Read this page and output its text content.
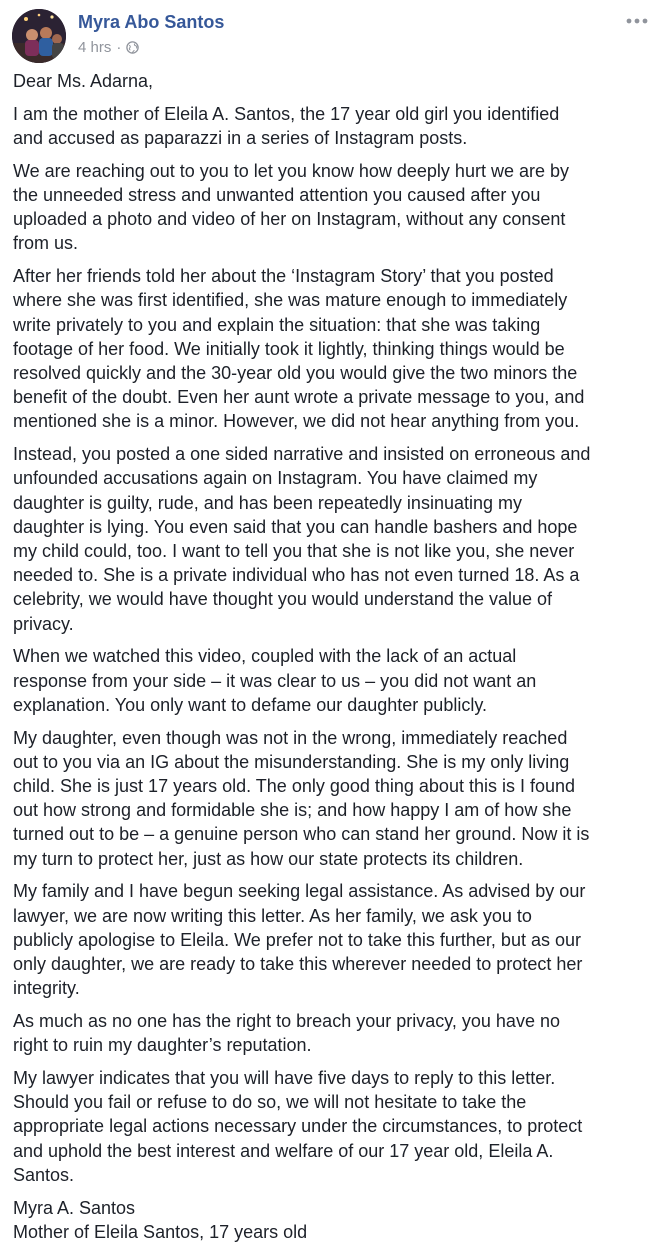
Myra Abo Santos
4 hrs ·

Dear Ms. Adarna,

I am the mother of Eleila A. Santos, the 17 year old girl you identified
and accused as paparazzi in a series of Instagram posts.

We are reaching out to you to let you know how deeply hurt we are by
the unneeded stress and unwanted attention you caused after you
uploaded a photo and video of her on Instagram, without any consent
from us.

After her friends told her about the ‘Instagram Story’ that you posted
where she was first identified, she was mature enough to immediately
write privately to you and explain the situation: that she was taking
footage of her food. We initially took it lightly, thinking things would be
resolved quickly and the 30-year old you would give the two minors the
benefit of the doubt. Even her aunt wrote a private message to you, and
mentioned she is a minor. However, we did not hear anything from you.

Instead, you posted a one sided narrative and insisted on erroneous and
unfounded accusations again on Instagram. You have claimed my
daughter is guilty, rude, and has been repeatedly insinuating my
daughter is lying. You even said that you can handle bashers and hope
my child could, too. I want to tell you that she is not like you, she never
needed to. She is a private individual who has not even turned 18. As a
celebrity, we would have thought you would understand the value of
privacy.

When we watched this video, coupled with the lack of an actual
response from your side – it was clear to us – you did not want an
explanation. You only want to defame our daughter publicly.

My daughter, even though was not in the wrong, immediately reached
out to you via an IG about the misunderstanding. She is my only living
child. She is just 17 years old. The only good thing about this is I found
out how strong and formidable she is; and how happy I am of how she
turned out to be – a genuine person who can stand her ground. Now it is
my turn to protect her, just as how our state protects its children.

My family and I have begun seeking legal assistance. As advised by our
lawyer, we are now writing this letter. As her family, we ask you to
publicly apologise to Eleila. We prefer not to take this further, but as our
only daughter, we are ready to take this wherever needed to protect her
integrity.

As much as no one has the right to breach your privacy, you have no
right to ruin my daughter’s reputation.

My lawyer indicates that you will have five days to reply to this letter.
Should you fail or refuse to do so, we will not hesitate to take the
appropriate legal actions necessary under the circumstances, to protect
and uphold the best interest and welfare of our 17 year old, Eleila A.
Santos.

Myra A. Santos
Mother of Eleila Santos, 17 years old
